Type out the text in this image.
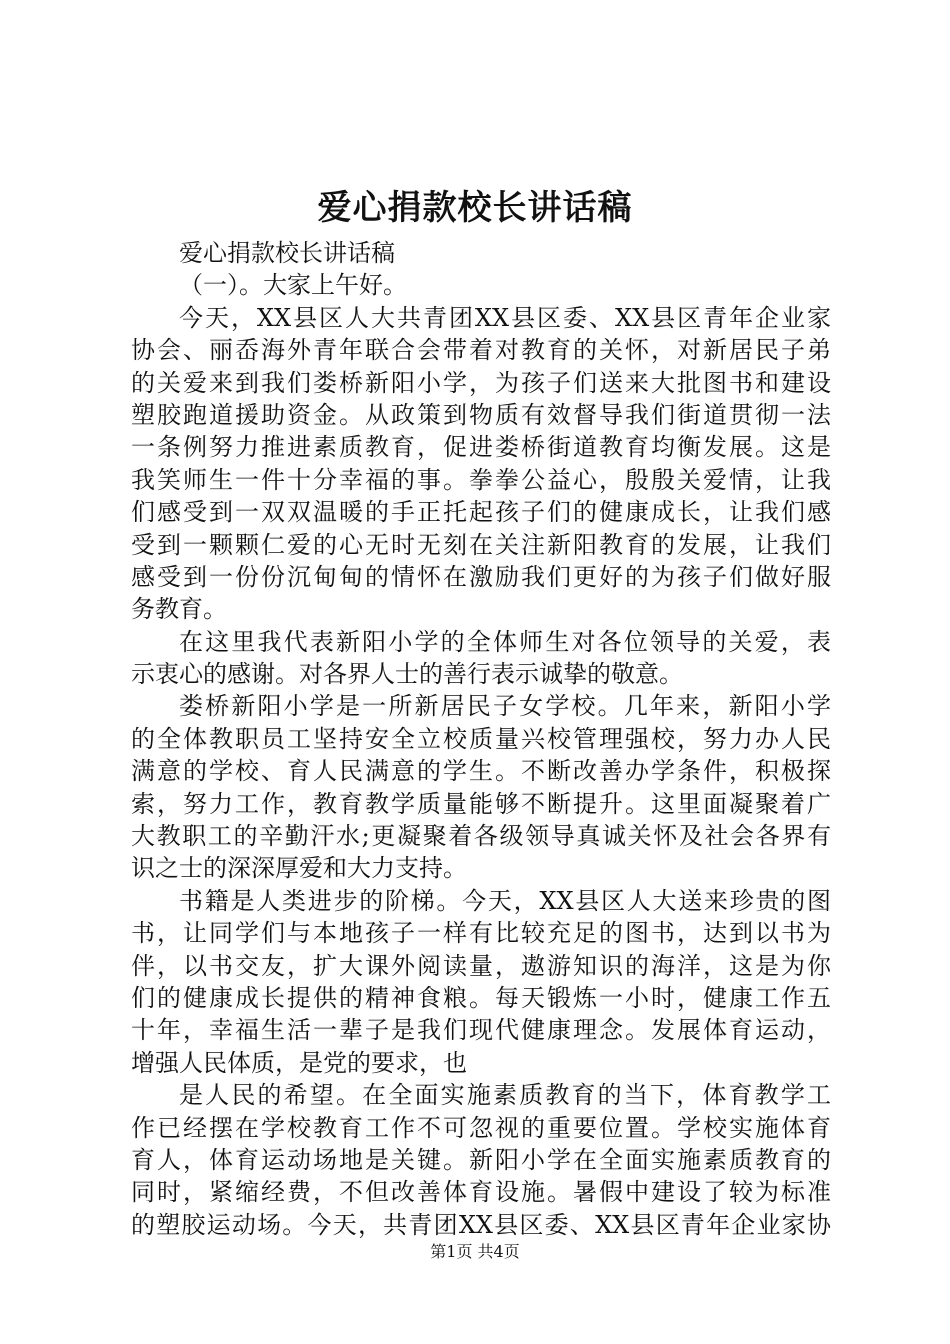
爱心捐款校长讲话稿
爱心捐款校长讲话稿
（一）。大家上午好。
今天，XX县区人大共青团XX县区委、XX县区青年企业家
协会、丽岙海外青年联合会带着对教育的关怀，对新居民子弟
的关爱来到我们娄桥新阳小学，为孩子们送来大批图书和建设
塑胶跑道援助资金。从政策到物质有效督导我们街道贯彻一法
一条例努力推进素质教育，促进娄桥街道教育均衡发展。这是
我笑师生一件十分幸福的事。拳拳公益心，殷殷关爱情，让我
们感受到一双双温暖的手正托起孩子们的健康成长，让我们感
受到一颗颗仁爱的心无时无刻在关注新阳教育的发展，让我们
感受到一份份沉甸甸的情怀在激励我们更好的为孩子们做好服
务教育。
在这里我代表新阳小学的全体师生对各位领导的关爱，表
示衷心的感谢。对各界人士的善行表示诚挚的敬意。
娄桥新阳小学是一所新居民子女学校。几年来，新阳小学
的全体教职员工坚持安全立校质量兴校管理强校，努力办人民
满意的学校、育人民满意的学生。不断改善办学条件，积极探
索，努力工作，教育教学质量能够不断提升。这里面凝聚着广
大教职工的辛勤汗水;更凝聚着各级领导真诚关怀及社会各界有
识之士的深深厚爱和大力支持。
书籍是人类进步的阶梯。今天，XX县区人大送来珍贵的图
书，让同学们与本地孩子一样有比较充足的图书，达到以书为
伴，以书交友，扩大课外阅读量，遨游知识的海洋，这是为你
们的健康成长提供的精神食粮。每天锻炼一小时，健康工作五
十年，幸福生活一辈子是我们现代健康理念。发展体育运动，
增强人民体质，是党的要求，也
是人民的希望。在全面实施素质教育的当下，体育教学工
作已经摆在学校教育工作不可忽视的重要位置。学校实施体育
育人，体育运动场地是关键。新阳小学在全面实施素质教育的
同时，紧缩经费，不但改善体育设施。暑假中建设了较为标准
的塑胶运动场。今天，共青团XX县区委、XX县区青年企业家协
第1页 共4页
